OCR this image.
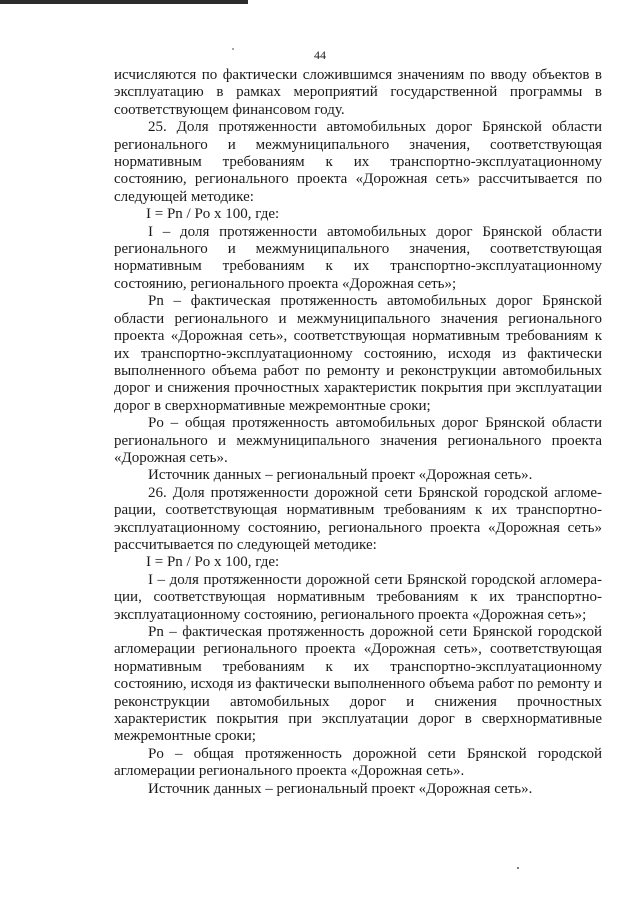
44

исчисляются по фактически сложившимся значениям по вводу объектов в эксплуатацию в рамках мероприятий государственной программы в соответствующем финансовом году.

25. Доля протяженности автомобильных дорог Брянской области регионального и межмуниципального значения, соответствующая нормативным требованиям к их транспортно-эксплуатационному состоянию, регионального проекта «Дорожная сеть» рассчитывается по следующей методике:

I = Pn / Po x 100, где:

I – доля протяженности автомобильных дорог Брянской области регионального и межмуниципального значения, соответствующая нормативным требованиям к их транспортно-эксплуатационному состоянию, регионального проекта «Дорожная сеть»;

Pn – фактическая протяженность автомобильных дорог Брянской области регионального и межмуниципального значения регионального проекта «Дорожная сеть», соответствующая нормативным требованиям к их транспортно-эксплуатационному состоянию, исходя из фактически выполненного объема работ по ремонту и реконструкции автомобильных дорог и снижения прочностных характеристик покрытия при эксплуатации дорог в сверхнормативные межремонтные сроки;

Po – общая протяженность автомобильных дорог Брянской области регионального и межмуниципального значения регионального проекта «Дорожная сеть».

Источник данных – региональный проект «Дорожная сеть».

26. Доля протяженности дорожной сети Брянской городской агломерации, соответствующая нормативным требованиям к их транспортно-эксплуатационному состоянию, регионального проекта «Дорожная сеть» рассчитывается по следующей методике:

I = Pn / Po x 100, где:

I – доля протяженности дорожной сети Брянской городской агломерации, соответствующая нормативным требованиям к их транспортно-эксплуатационному состоянию, регионального проекта «Дорожная сеть»;

Pn – фактическая протяженность дорожной сети Брянской городской агломерации регионального проекта «Дорожная сеть», соответствующая нормативным требованиям к их транспортно-эксплуатационному состоянию, исходя из фактически выполненного объема работ по ремонту и реконструкции автомобильных дорог и снижения прочностных характеристик покрытия при эксплуатации дорог в сверхнормативные межремонтные сроки;

Po – общая протяженность дорожной сети Брянской городской агломерации регионального проекта «Дорожная сеть».

Источник данных – региональный проект «Дорожная сеть».
